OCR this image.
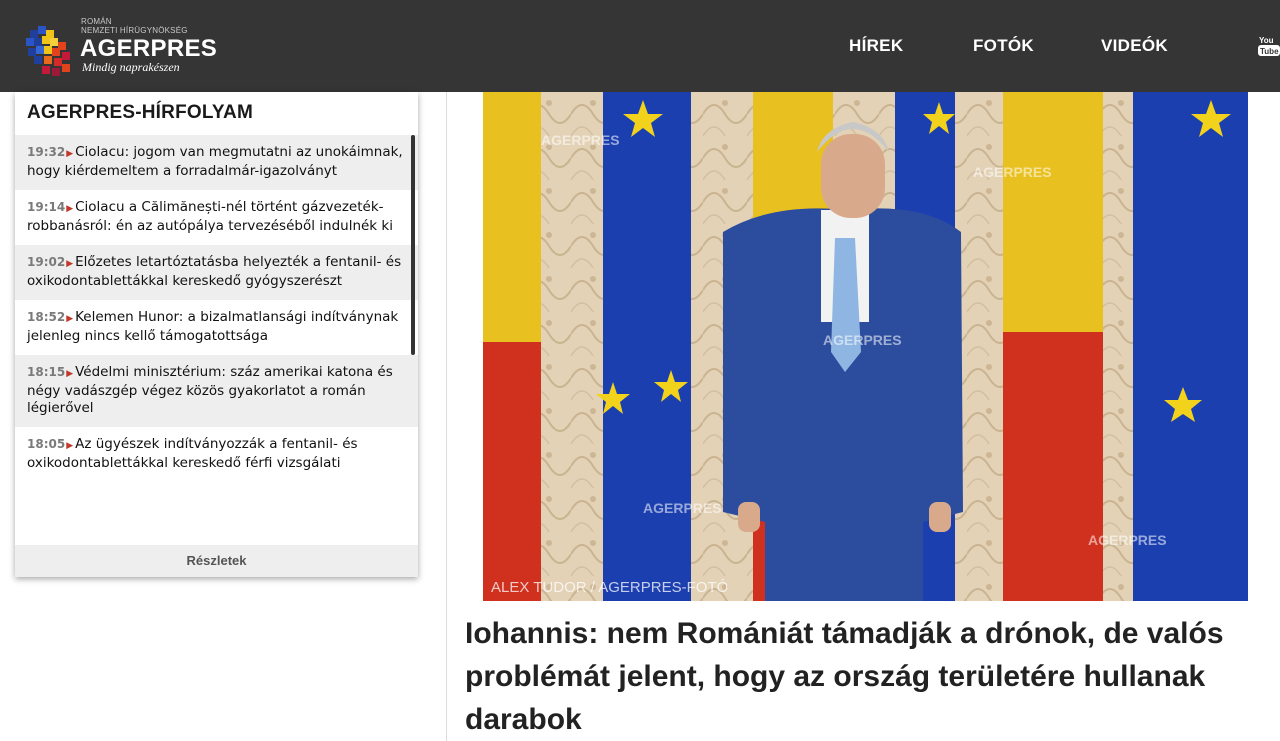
ROMÁN
NEMZETI HÍRÜGYNÖKSÉG
AGERPRES
Mindig naprakészen
HÍREK	FOTÓK	VIDEÓK	You
Tube
AGERPRES-HÍRFOLYAM
19:32▶ Ciolacu: jogom van megmutatni az unokáimnak, hogy kiérdemeltem a forradalmár-igazolványt
19:14▶ Ciolacu a Călimănești-nél történt gázvezeték-robbanásról: én az autópálya tervezéséből indulnék ki
19:02▶ Előzetes letartóztatásba helyezték a fentanil- és oxikodontablettákkal kereskedő gyógyszerészt
18:52▶ Kelemen Hunor: a bizalmatlansági indítványnak jelenleg nincs kellő támogatottsága
18:15▶ Védelmi minisztérium: száz amerikai katona és négy vadászgép végez közös gyakorlatot a román légierővel
18:05▶ Az ügyészek indítványozzák a fentanil- és oxikodontablettákkal kereskedő férfi vizsgálati
Részletek
AGERPRES
AGERPRES
AGERPRES
AGERPRES
AGERPRES
ALEX TUDOR / AGERPRES-FOTÓ
Iohannis: nem Romániát támadják a drónok, de valós problémát jelent, hogy az ország területére hullanak darabok
